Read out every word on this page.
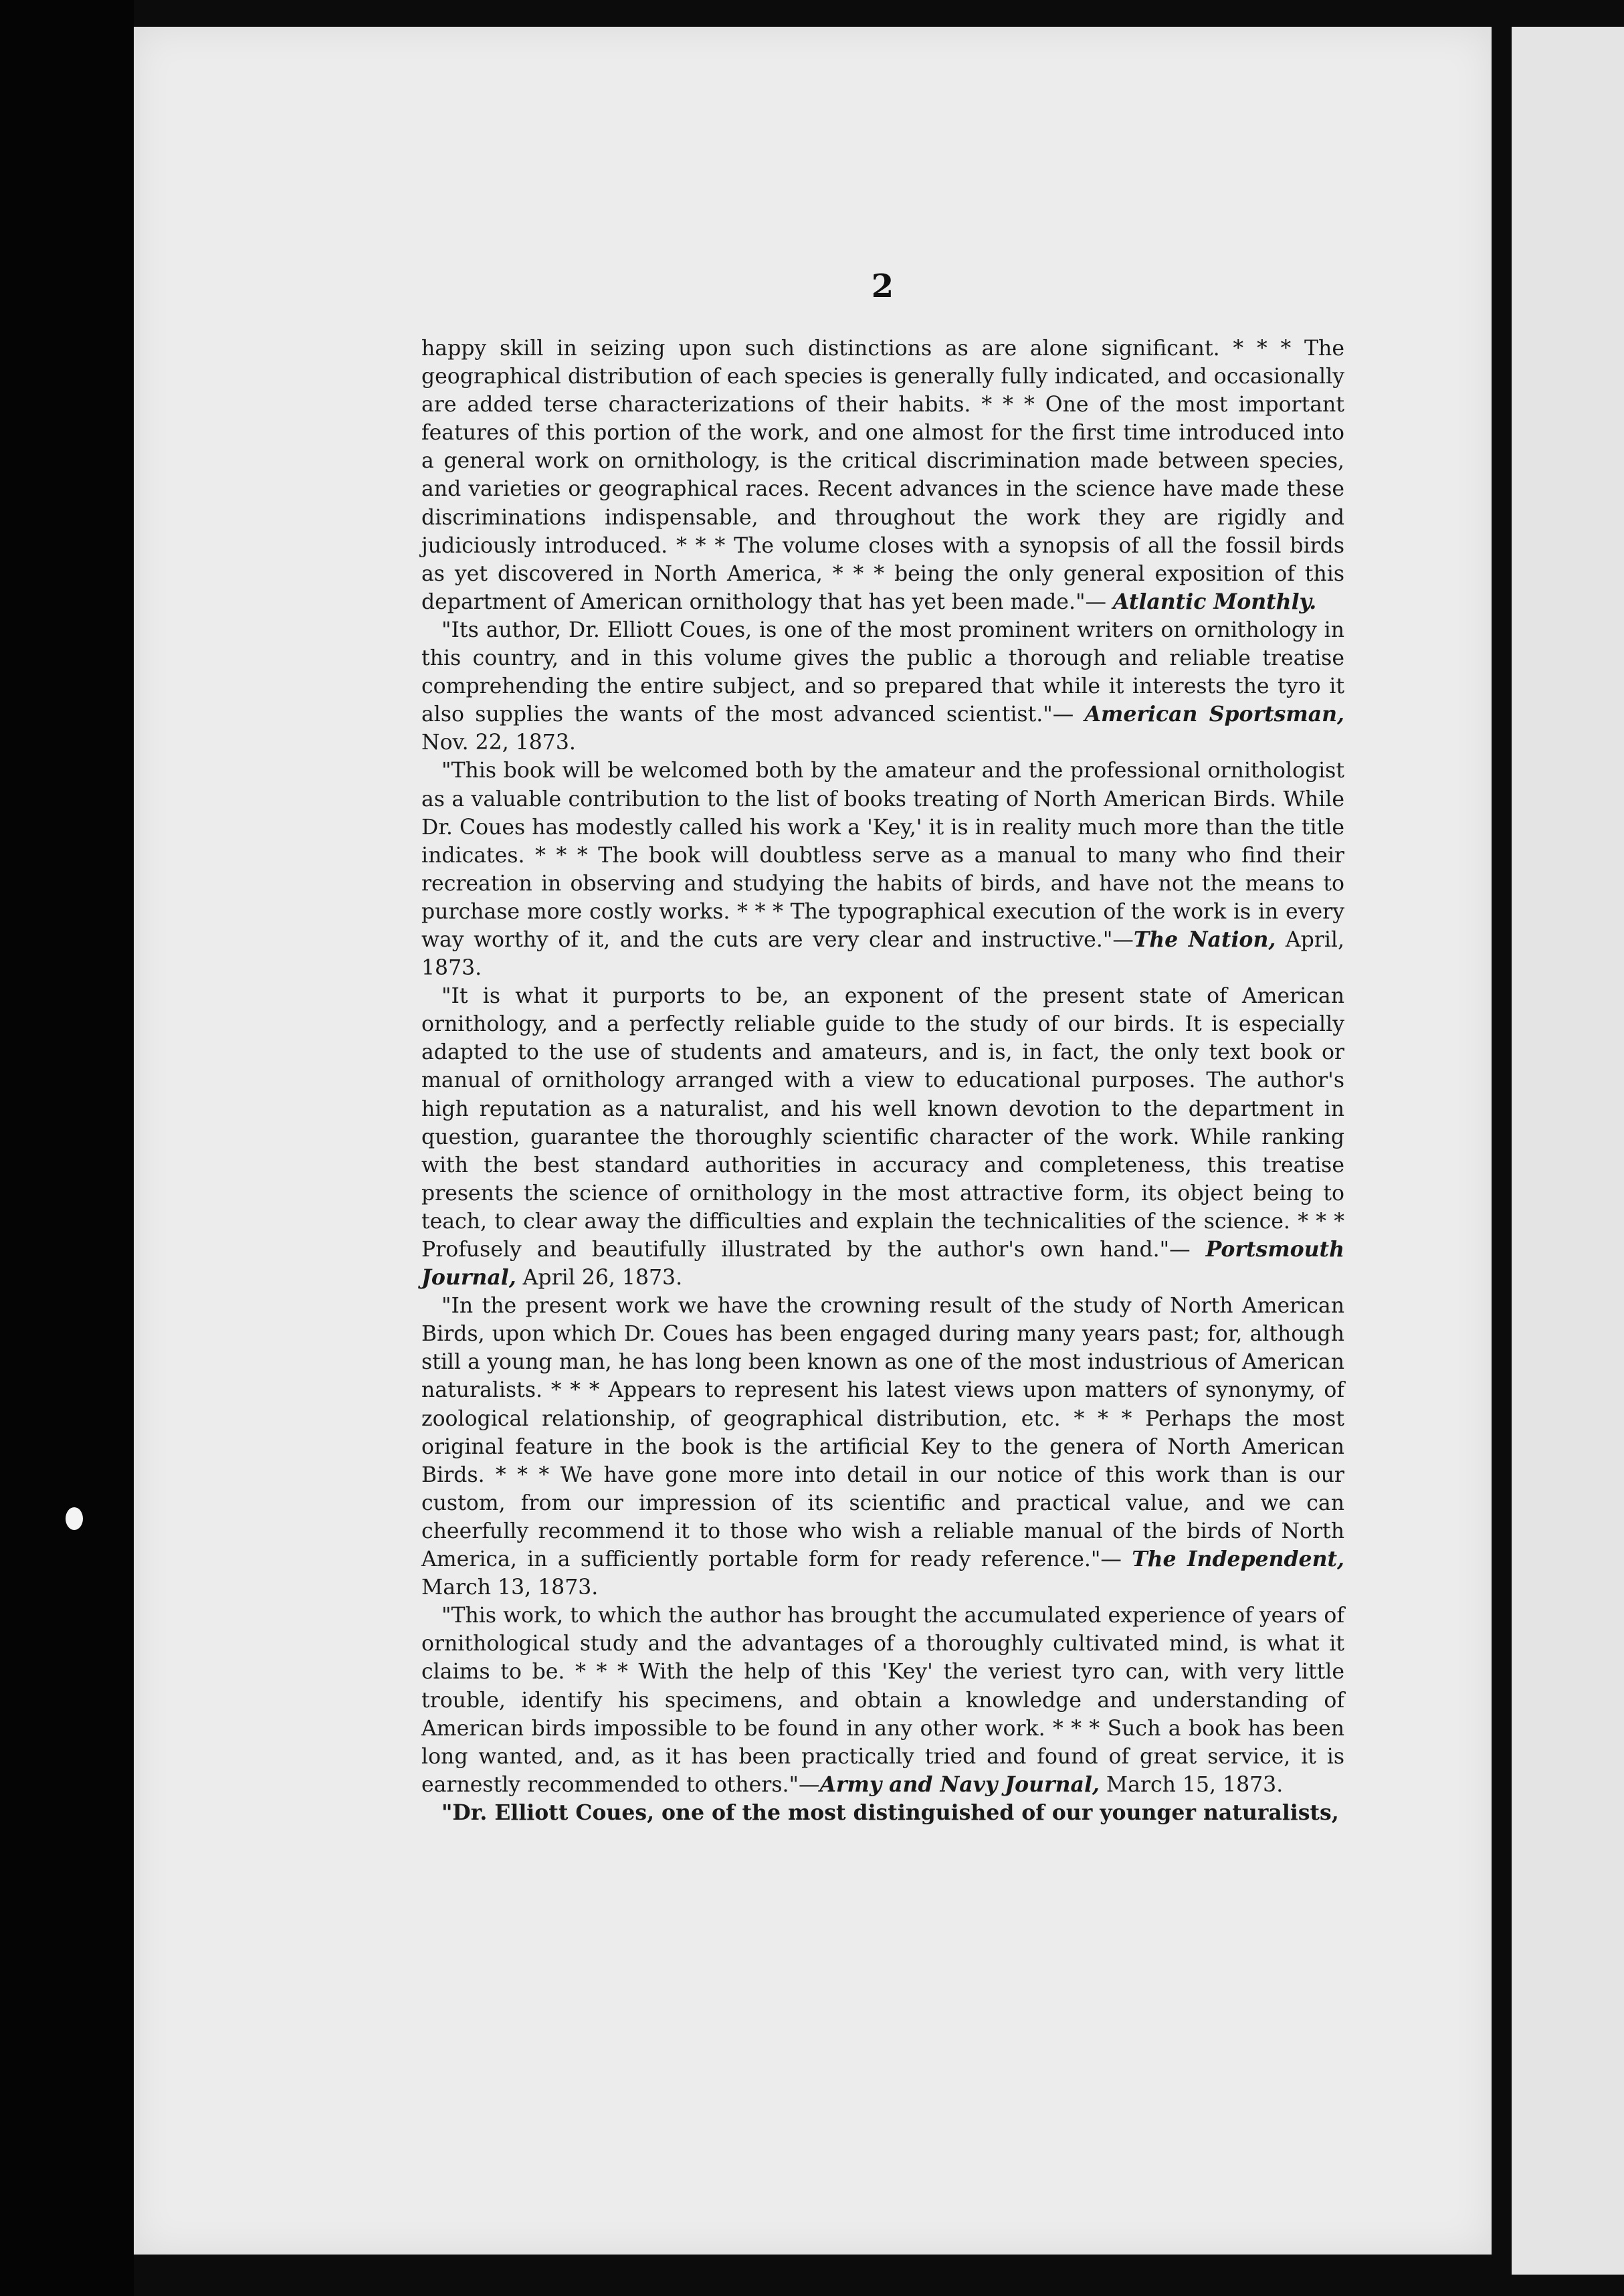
2

happy skill in seizing upon such distinctions as are alone significant. * * * The geographical distribution of each species is generally fully indicated, and occasionally are added terse characterizations of their habits. * * * One of the most important features of this portion of the work, and one almost for the first time introduced into a general work on ornithology, is the critical discrimination made between species, and varieties or geographical races. Recent advances in the science have made these discriminations indispensable, and throughout the work they are rigidly and judiciously introduced. * * * The volume closes with a synopsis of all the fossil birds as yet discovered in North America, * * * being the only general exposition of this department of American ornithology that has yet been made."— Atlantic Monthly.

"Its author, Dr. Elliott Coues, is one of the most prominent writers on ornithology in this country, and in this volume gives the public a thorough and reliable treatise comprehending the entire subject, and so prepared that while it interests the tyro it also supplies the wants of the most advanced scientist."— American Sportsman, Nov. 22, 1873.

"This book will be welcomed both by the amateur and the professional ornithologist as a valuable contribution to the list of books treating of North American Birds. While Dr. Coues has modestly called his work a 'Key,' it is in reality much more than the title indicates. * * * The book will doubtless serve as a manual to many who find their recreation in observing and studying the habits of birds, and have not the means to purchase more costly works. * * * The typographical execution of the work is in every way worthy of it, and the cuts are very clear and instructive."—The Nation, April, 1873.

"It is what it purports to be, an exponent of the present state of American ornithology, and a perfectly reliable guide to the study of our birds. It is especially adapted to the use of students and amateurs, and is, in fact, the only text book or manual of ornithology arranged with a view to educational purposes. The author's high reputation as a naturalist, and his well known devotion to the department in question, guarantee the thoroughly scientific character of the work. While ranking with the best standard authorities in accuracy and completeness, this treatise presents the science of ornithology in the most attractive form, its object being to teach, to clear away the difficulties and explain the technicalities of the science. * * * Profusely and beautifully illustrated by the author's own hand."— Portsmouth Journal, April 26, 1873.

"In the present work we have the crowning result of the study of North American Birds, upon which Dr. Coues has been engaged during many years past; for, although still a young man, he has long been known as one of the most industrious of American naturalists. * * * Appears to represent his latest views upon matters of synonymy, of zoological relationship, of geographical distribution, etc. * * * Perhaps the most original feature in the book is the artificial Key to the genera of North American Birds. * * * We have gone more into detail in our notice of this work than is our custom, from our impression of its scientific and practical value, and we can cheerfully recommend it to those who wish a reliable manual of the birds of North America, in a sufficiently portable form for ready reference."— The Independent, March 13, 1873.

"This work, to which the author has brought the accumulated experience of years of ornithological study and the advantages of a thoroughly cultivated mind, is what it claims to be. * * * With the help of this 'Key' the veriest tyro can, with very little trouble, identify his specimens, and obtain a knowledge and understanding of American birds impossible to be found in any other work. * * * Such a book has been long wanted, and, as it has been practically tried and found of great service, it is earnestly recommended to others."—Army and Navy Journal, March 15, 1873.

"Dr. Elliott Coues, one of the most distinguished of our younger naturalists,
